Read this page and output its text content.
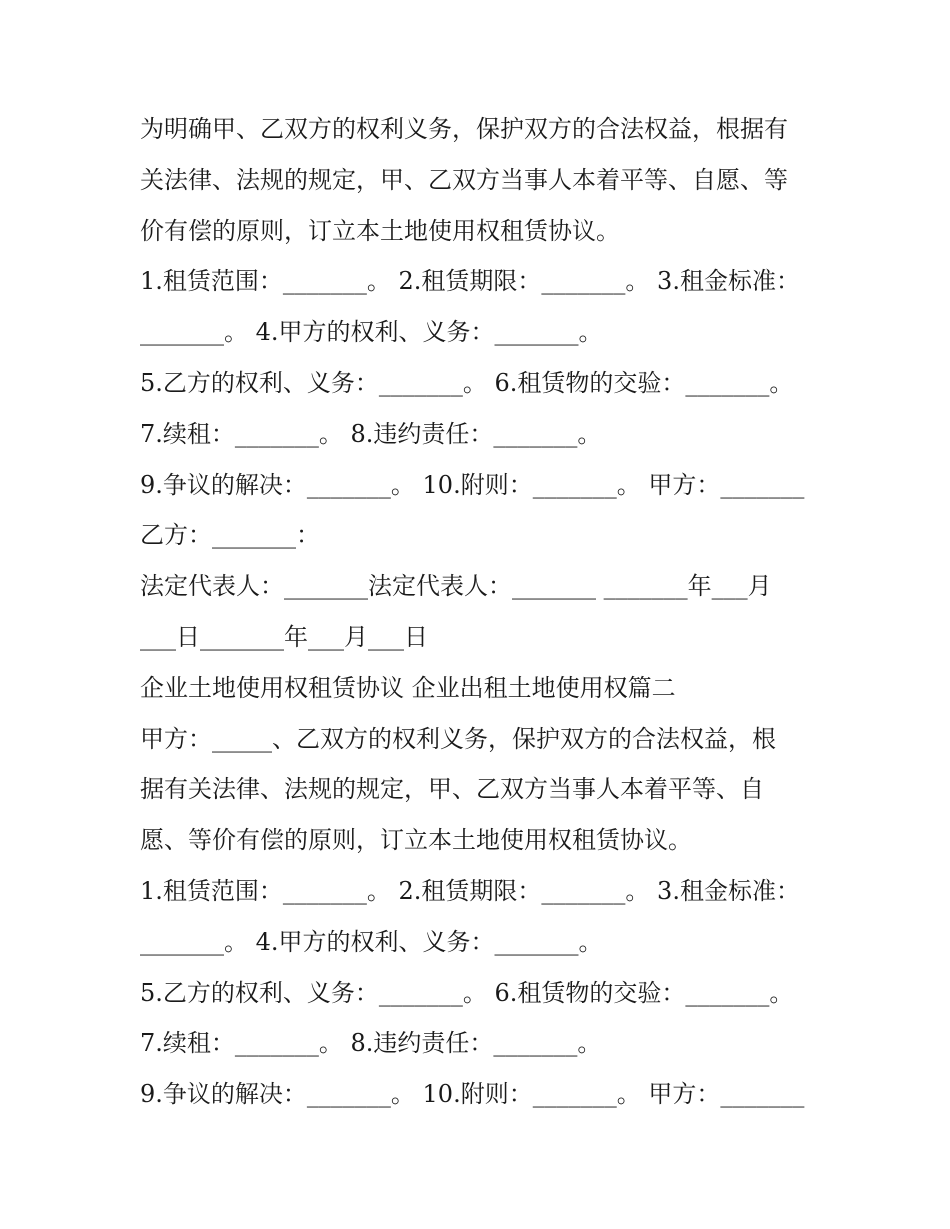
为明确甲、乙双方的权利义务，保护双方的合法权益，根据有
关法律、法规的规定，甲、乙双方当事人本着平等、自愿、等
价有偿的原则，订立本土地使用权租赁协议。
1.租赁范围：_______。 2.租赁期限：_______。 3.租金标准：
_______。 4.甲方的权利、义务：_______。
5.乙方的权利、义务：_______。 6.租赁物的交验：_______。
7.续租：_______。 8.违约责任：_______。
9.争议的解决：_______。 10.附则：_______。 甲方：_______
乙方：_______：
法定代表人：_______法定代表人：_______ _______年___月
___日_______年___月___日
企业土地使用权租赁协议 企业出租土地使用权篇二
甲方：_____、乙双方的权利义务，保护双方的合法权益，根
据有关法律、法规的规定，甲、乙双方当事人本着平等、自
愿、等价有偿的原则，订立本土地使用权租赁协议。
1.租赁范围：_______。 2.租赁期限：_______。 3.租金标准：
_______。 4.甲方的权利、义务：_______。
5.乙方的权利、义务：_______。 6.租赁物的交验：_______。
7.续租：_______。 8.违约责任：_______。
9.争议的解决：_______。 10.附则：_______。 甲方：_______
